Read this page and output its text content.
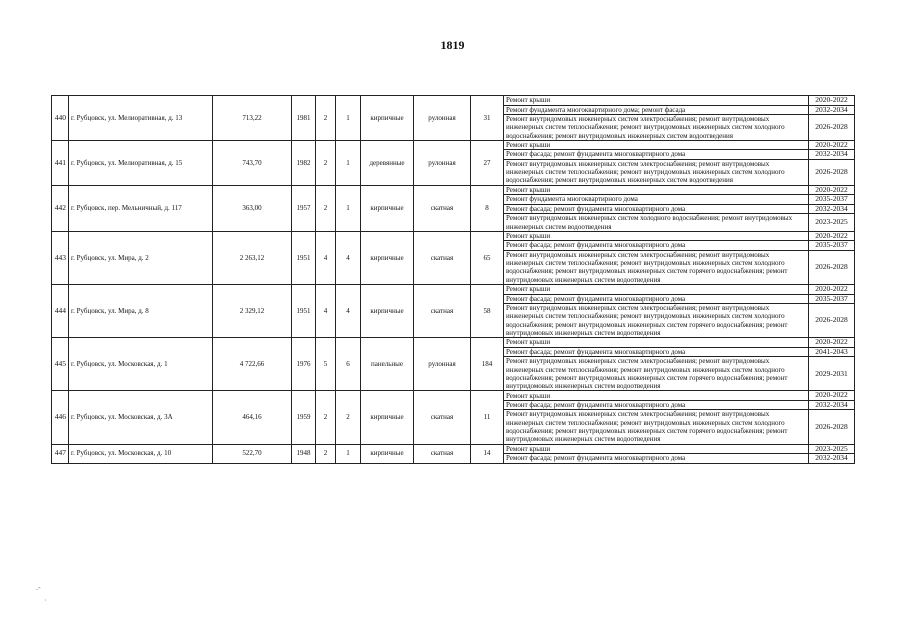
1819
440	г. Рубцовск, ул. Мелиоративная, д. 13	713,22	1981	2	1	кирпичные	рулонная	31	Ремонт крыши	2020-2022
									Ремонт фундамента многоквартирного дома; ремонт фасада	2032-2034
									Ремонт внутридомовых инженерных систем электроснабжения; ремонт внутридомовых инженерных систем теплоснабжения; ремонт внутридомовых инженерных систем холодного водоснабжения; ремонт внутридомовых инженерных систем водоотведения	2026-2028
441	г. Рубцовск, ул. Мелиоративная, д. 15	743,70	1982	2	1	деревянные	рулонная	27	Ремонт крыши	2020-2022
									Ремонт фасада; ремонт фундамента многоквартирного дома	2032-2034
									Ремонт внутридомовых инженерных систем электроснабжения; ремонт внутридомовых инженерных систем теплоснабжения; ремонт внутридомовых инженерных систем холодного водоснабжения; ремонт внутридомовых инженерных систем водоотведения	2026-2028
442	г. Рубцовск, пер. Мельничный, д. 117	363,00	1957	2	1	кирпичные	скатная	8	Ремонт крыши	2020-2022
									Ремонт фундамента многоквартирного дома	2035-2037
									Ремонт фасада; ремонт фундамента многоквартирного дома	2032-2034
									Ремонт внутридомовых инженерных систем холодного водоснабжения; ремонт внутридомовых инженерных систем водоотведения	2023-2025
443	г. Рубцовск, ул. Мира, д. 2	2 263,12	1951	4	4	кирпичные	скатная	65	Ремонт крыши	2020-2022
									Ремонт фасада; ремонт фундамента многоквартирного дома	2035-2037
									Ремонт внутридомовых инженерных систем электроснабжения; ремонт внутридомовых инженерных систем теплоснабжения; ремонт внутридомовых инженерных систем холодного водоснабжения; ремонт внутридомовых инженерных систем горячего водоснабжения; ремонт внутридомовых инженерных систем водоотведения	2026-2028
444	г. Рубцовск, ул. Мира, д. 8	2 329,12	1951	4	4	кирпичные	скатная	58	Ремонт крыши	2020-2022
									Ремонт фасада; ремонт фундамента многоквартирного дома	2035-2037
									Ремонт внутридомовых инженерных систем электроснабжения; ремонт внутридомовых инженерных систем теплоснабжения; ремонт внутридомовых инженерных систем холодного водоснабжения; ремонт внутридомовых инженерных систем горячего водоснабжения; ремонт внутридомовых инженерных систем водоотведения	2026-2028
445	г. Рубцовск, ул. Московская, д. 1	4 722,66	1976	5	6	панельные	рулонная	184	Ремонт крыши	2020-2022
									Ремонт фасада; ремонт фундамента многоквартирного дома	2041-2043
									Ремонт внутридомовых инженерных систем электроснабжения; ремонт внутридомовых инженерных систем теплоснабжения; ремонт внутридомовых инженерных систем холодного водоснабжения; ремонт внутридомовых инженерных систем горячего водоснабжения; ремонт внутридомовых инженерных систем водоотведения	2029-2031
446	г. Рубцовск, ул. Московская, д. 3А	464,16	1959	2	2	кирпичные	скатная	11	Ремонт крыши	2020-2022
									Ремонт фасада; ремонт фундамента многоквартирного дома	2032-2034
									Ремонт внутридомовых инженерных систем электроснабжения; ремонт внутридомовых инженерных систем теплоснабжения; ремонт внутридомовых инженерных систем холодного водоснабжения; ремонт внутридомовых инженерных систем горячего водоснабжения; ремонт внутридомовых инженерных систем водоотведения	2026-2028
447	г. Рубцовск, ул. Московская, д. 10	522,70	1948	2	1	кирпичные	скатная	14	Ремонт крыши	2023-2025
									Ремонт фасада; ремонт фундамента многоквартирного дома	2032-2034
.-
·
